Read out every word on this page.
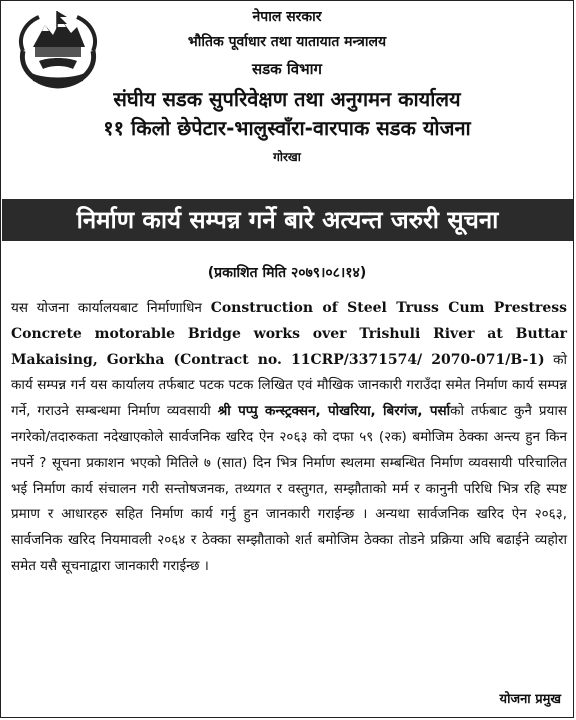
नेपाल सरकार
भौतिक पूर्वाधार तथा यातायात मन्त्रालय
सडक विभाग
संघीय सडक सुपरिवेक्षण तथा अनुगमन कार्यालय
११ किलो छेपेटार-भालुस्वाँरा-वारपाक सडक योजना
गोरखा
निर्माण कार्य सम्पन्न गर्ने बारे अत्यन्त जरुरी सूचना
(प्रकाशित मिति २०७९।०८।१४)
यस योजना कार्यालयबाट निर्माणाधिन Construction of Steel Truss Cum Prestress Concrete motorable Bridge works over Trishuli River at Buttar Makaising, Gorkha (Contract no. 11CRP/3371574/ 2070-071/B-1) को कार्य सम्पन्न गर्न यस कार्यालय तर्फबाट पटक पटक लिखित एवं मौखिक जानकारी गराउँदा समेत निर्माण कार्य सम्पन्न गर्ने, गराउने सम्बन्धमा निर्माण व्यवसायी श्री पप्पु कन्स्ट्रक्सन, पोखरिया, बिरगंज, पर्साको तर्फबाट कुनै प्रयास नगरेको/तदारुकता नदेखाएकोले सार्वजनिक खरिद ऐन २०६३ को दफा ५९ (२क) बमोजिम ठेक्का अन्त्य हुन किन नपर्ने ? सूचना प्रकाशन भएको मितिले ७ (सात) दिन भित्र निर्माण स्थलमा सम्बन्धित निर्माण व्यवसायी परिचालित भई निर्माण कार्य संचालन गरी सन्तोषजनक, तथ्यगत र वस्तुगत, सम्झौताको मर्म र कानुनी परिधि भित्र रहि स्पष्ट प्रमाण र आधारहरु सहित निर्माण कार्य गर्नु हुन जानकारी गराईन्छ । अन्यथा सार्वजनिक खरिद ऐन २०६३, सार्वजनिक खरिद नियमावली २०६४ र ठेक्का सम्झौताको शर्त बमोजिम ठेक्का तोडने प्रक्रिया अघि बढाईने व्यहोरा समेत यसै सूचनाद्वारा जानकारी गराईन्छ ।
योजना प्रमुख
